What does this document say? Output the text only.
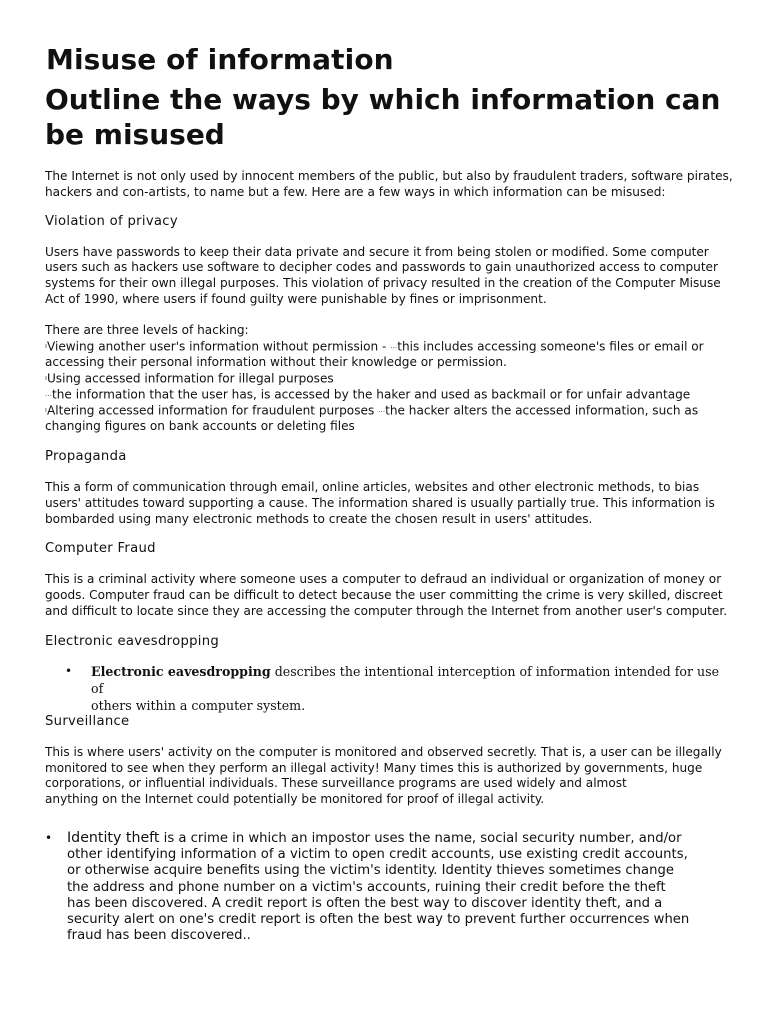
Misuse of information
Outline the ways by which information can be misused

The Internet is not only used by innocent members of the public, but also by fraudulent traders, software pirates,
hackers and con-artists, to name but a few. Here are a few ways in which information can be misused:

Violation of privacy

Users have passwords to keep their data private and secure it from being stolen or modified. Some computer
users such as hackers use software to decipher codes and passwords to gain unauthorized access to computer
systems for their own illegal purposes. This violation of privacy resulted in the creation of the Computer Misuse
Act of 1990, where users if found guilty were punishable by fines or imprisonment.

There are three levels of hacking:

ıViewing another user's information without permission - …this includes accessing someone's files or email or
accessing their personal information without their knowledge or permission.
ıUsing accessed information for illegal purposes
…the information that the user has, is accessed by the haker and used as backmail or for unfair advantage
ıAltering accessed information for fraudulent purposes …the hacker alters the accessed information, such as
changing figures on bank accounts or deleting files
Propaganda

This a form of communication through email, online articles, websites and other electronic methods, to bias
users' attitudes toward supporting a cause. The information shared is usually partially true. This information is
bombarded using many electronic methods to create the chosen result in users' attitudes.

Computer Fraud

This is a criminal activity where someone uses a computer to defraud an individual or organization of money or
goods. Computer fraud can be difficult to detect because the user committing the crime is very skilled, discreet
and difficult to locate since they are accessing the computer through the Internet from another user's computer.

Electronic eavesdropping
• Electronic eavesdropping describes the intentional interception of information intended for use of
others within a computer system.
Surveillance

This is where users' activity on the computer is monitored and observed secretly. That is, a user can be illegally
monitored to see when they perform an illegal activity! Many times this is authorized by governments, huge
corporations, or influential individuals. These surveillance programs are used widely and almost
anything on the Internet could potentially be monitored for proof of illegal activity.

• Identity theft is a crime in which an impostor uses the name, social security number, and/or
other identifying information of a victim to open credit accounts, use existing credit accounts,
or otherwise acquire benefits using the victim's identity. Identity thieves sometimes change
the address and phone number on a victim's accounts, ruining their credit before the theft
has been discovered. A credit report is often the best way to discover identity theft, and a
security alert on one's credit report is often the best way to prevent further occurrences when
fraud has been discovered..
